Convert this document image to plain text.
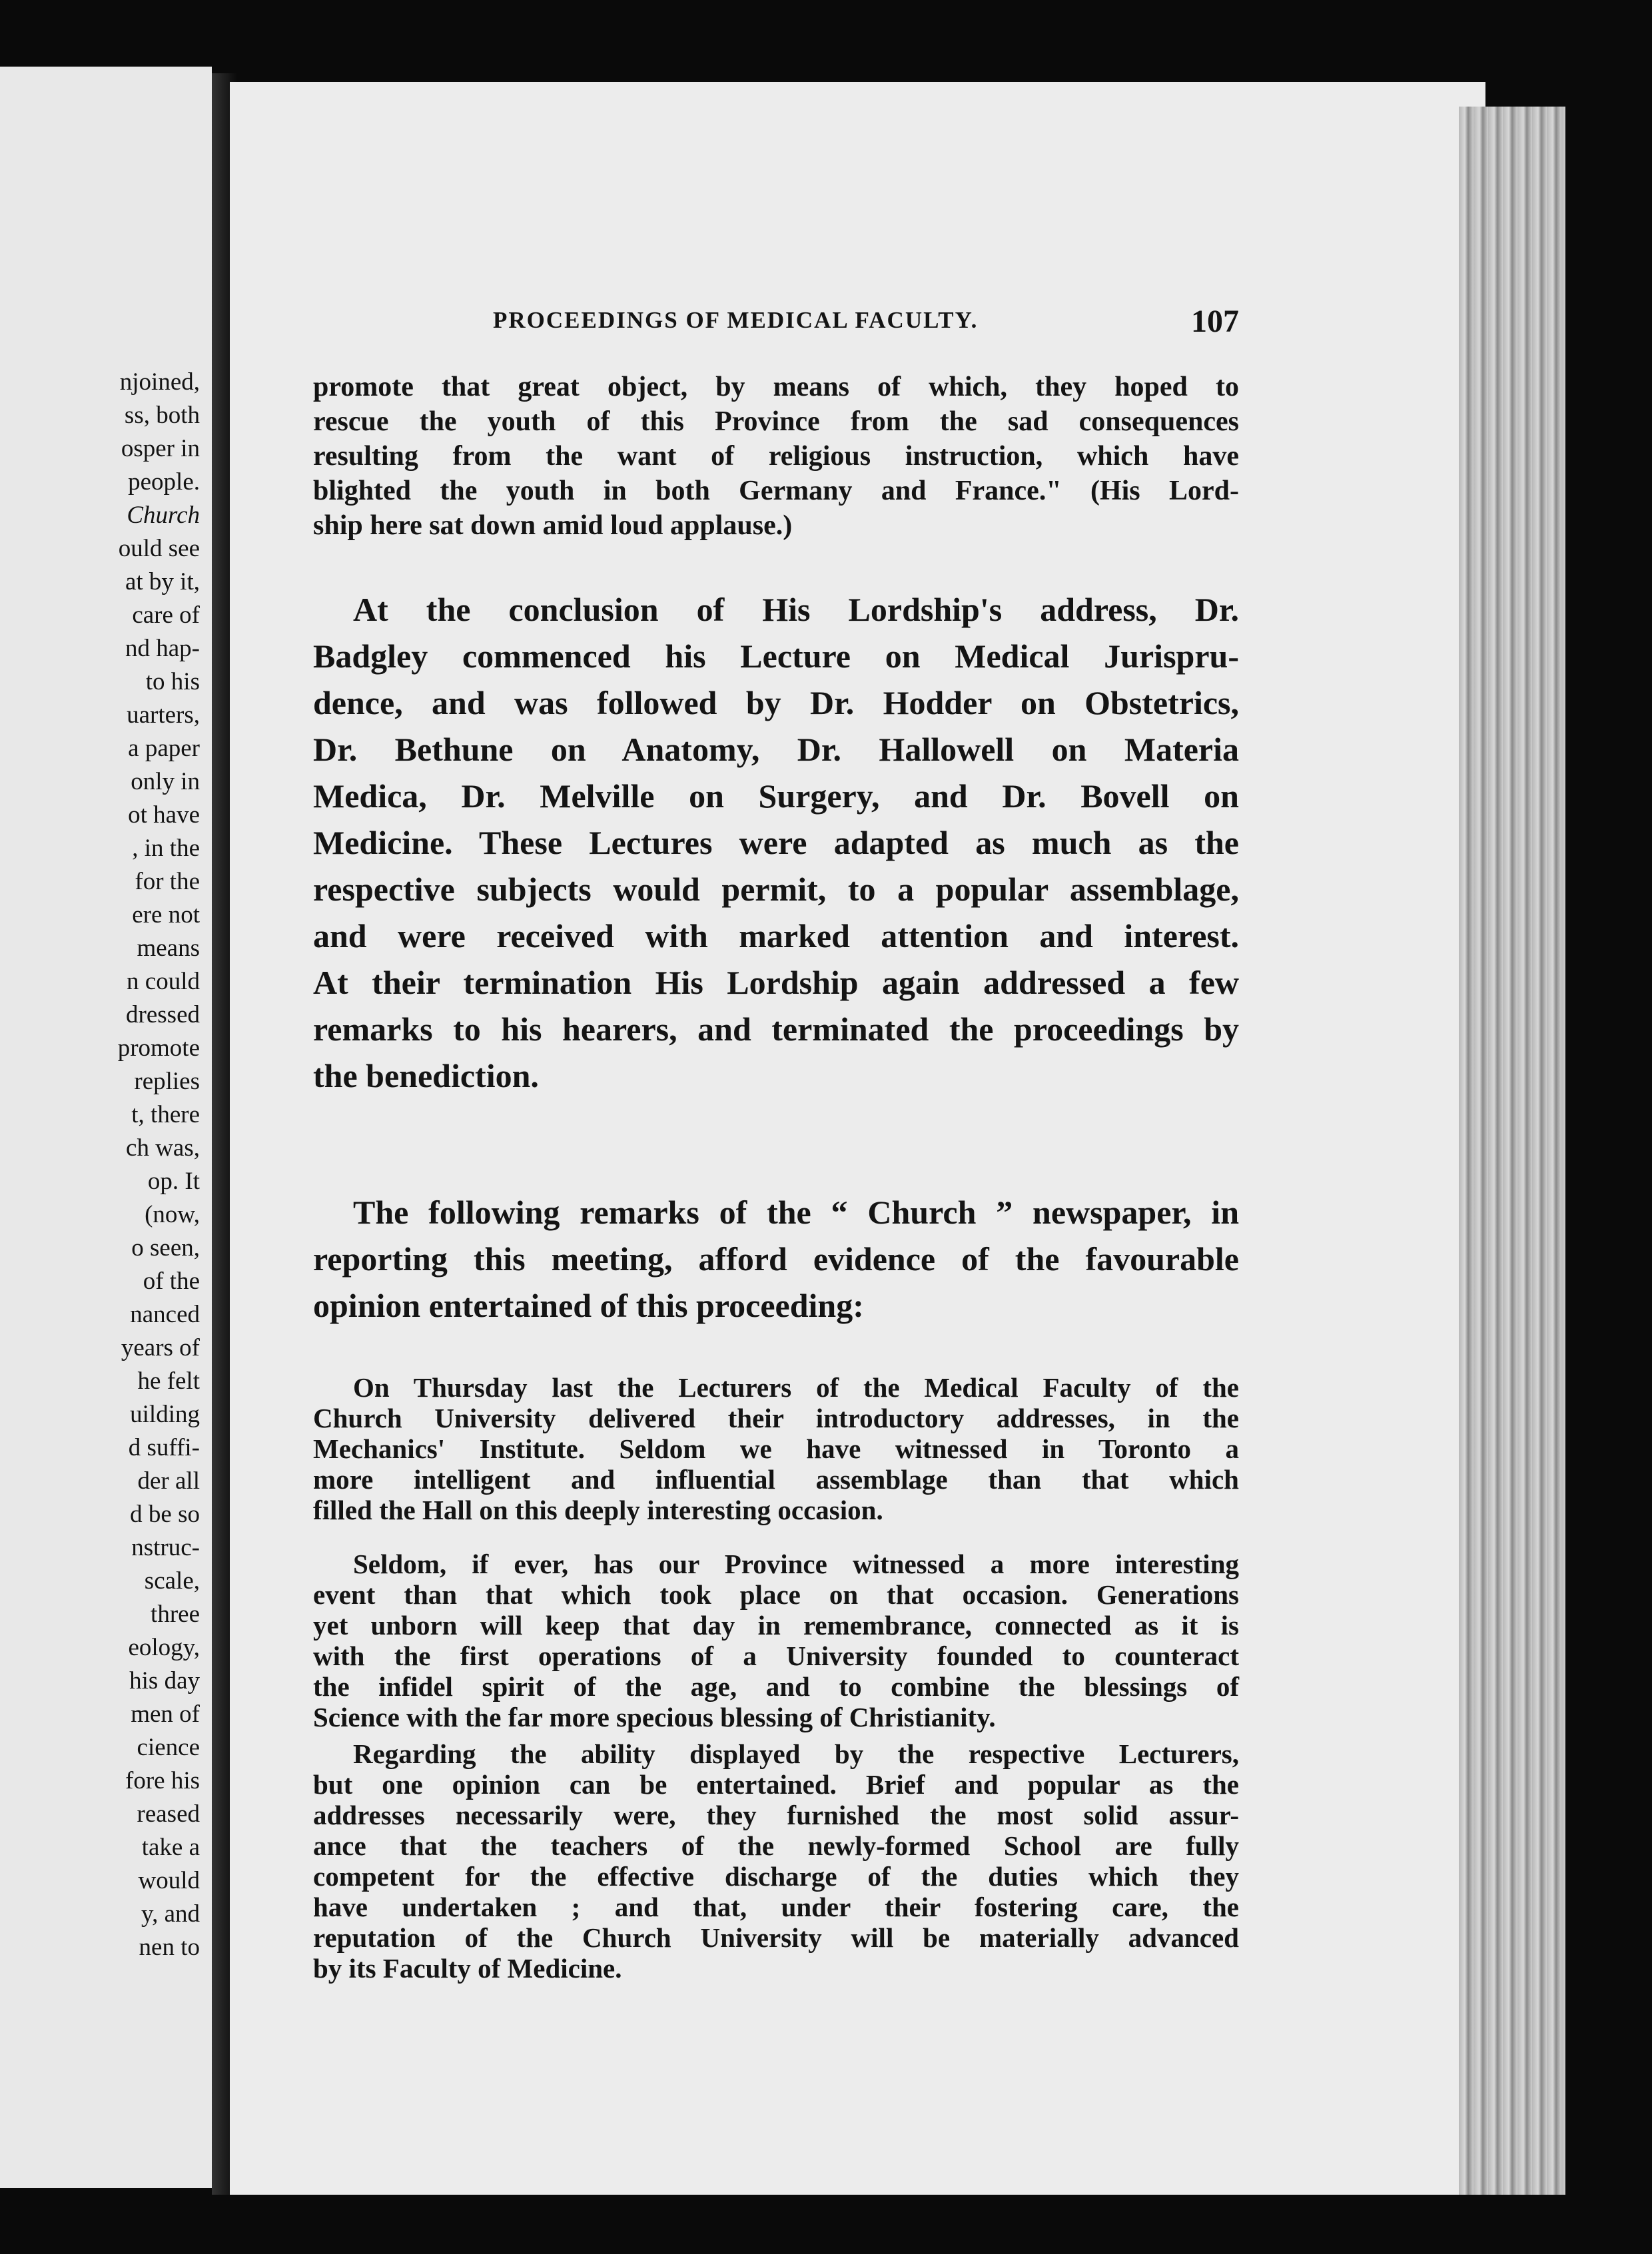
njoined,
ss, both
osper in
people.
Church
ould see
at by it,
care of
nd hap-
to his
uarters,
a paper
only in
ot have
, in the
for the
ere not
means
n could
dressed
promote
replies
t, there
ch was,
op. It
(now,
o seen,
of the
nanced
years of
he felt
uilding
d suffi-
der all
d be so
nstruc-
scale,
three
eology,
his day
men of
cience
fore his
reased
take a
would
y, and
nen to
PROCEEDINGS OF MEDICAL FACULTY.	107
promote that great object, by means of which, they hoped to
rescue the youth of this Province from the sad consequences
resulting from the want of religious instruction, which have
blighted the youth in both Germany and France." (His Lord-
ship here sat down amid loud applause.)
At the conclusion of His Lordship's address, Dr.
Badgley commenced his Lecture on Medical Jurispru-
dence, and was followed by Dr. Hodder on Obstetrics,
Dr. Bethune on Anatomy, Dr. Hallowell on Materia
Medica, Dr. Melville on Surgery, and Dr. Bovell on
Medicine. These Lectures were adapted as much as the
respective subjects would permit, to a popular assemblage,
and were received with marked attention and interest.
At their termination His Lordship again addressed a few
remarks to his hearers, and terminated the proceedings by
the benediction.
The following remarks of the “ Church ” newspaper, in
reporting this meeting, afford evidence of the favourable
opinion entertained of this proceeding:
On Thursday last the Lecturers of the Medical Faculty of the
Church University delivered their introductory addresses, in the
Mechanics' Institute. Seldom we have witnessed in Toronto a
more intelligent and influential assemblage than that which
filled the Hall on this deeply interesting occasion.
Seldom, if ever, has our Province witnessed a more interesting
event than that which took place on that occasion. Generations
yet unborn will keep that day in remembrance, connected as it is
with the first operations of a University founded to counteract
the infidel spirit of the age, and to combine the blessings of
Science with the far more specious blessing of Christianity.
Regarding the ability displayed by the respective Lecturers,
but one opinion can be entertained. Brief and popular as the
addresses necessarily were, they furnished the most solid assur-
ance that the teachers of the newly-formed School are fully
competent for the effective discharge of the duties which they
have undertaken ; and that, under their fostering care, the
reputation of the Church University will be materially advanced
by its Faculty of Medicine.
